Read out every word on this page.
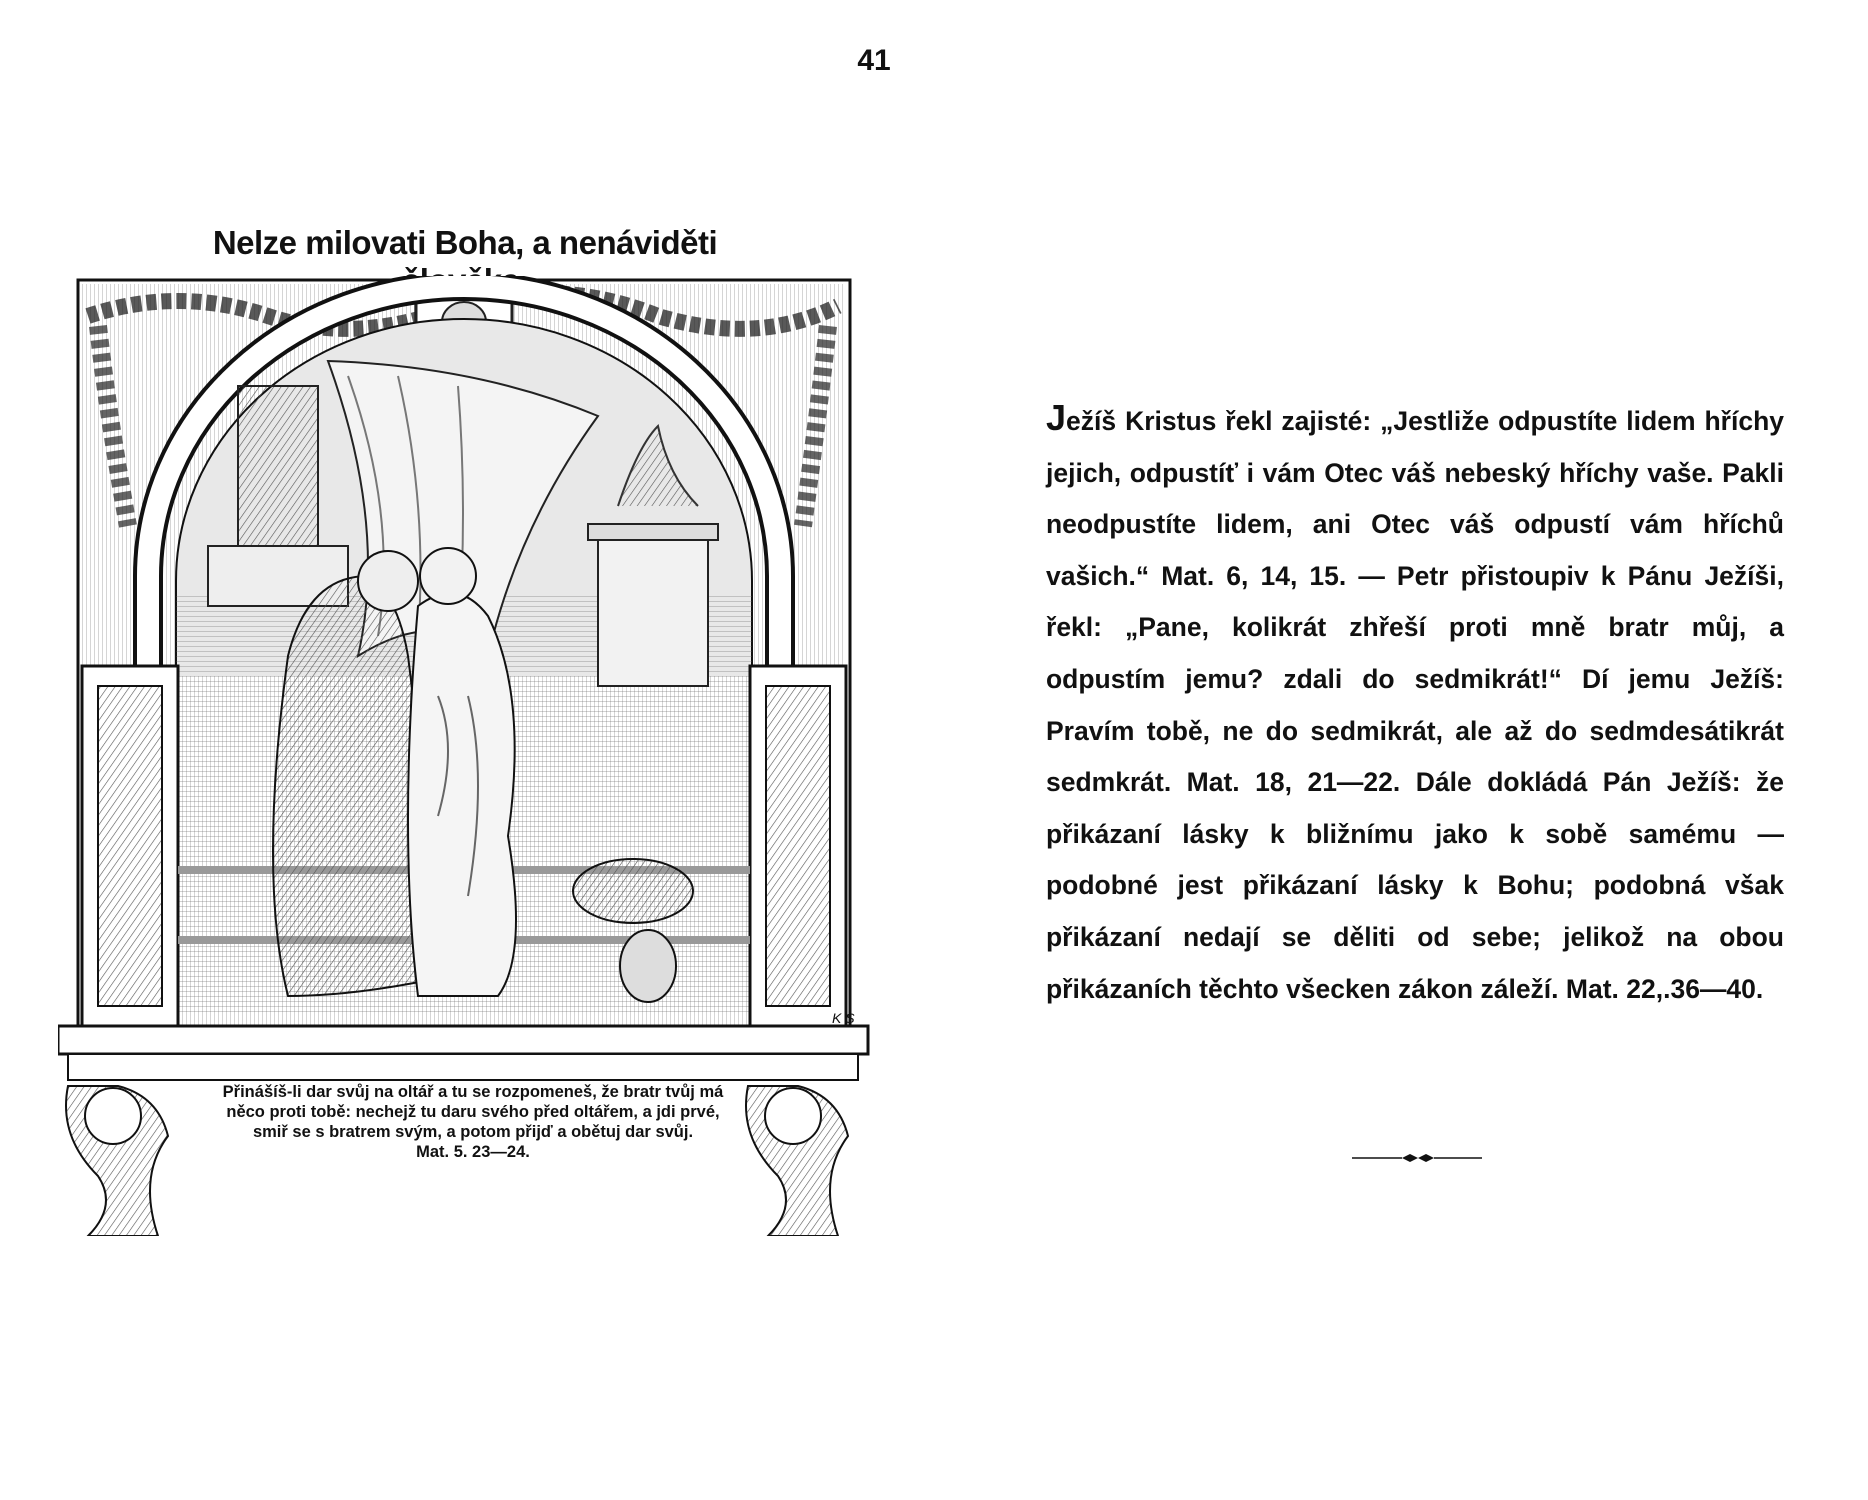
41
Nelze milovati Boha, a nenáviděti
K S
Přinášíš-li dar svůj na oltář a tu se rozpomeneš, že bratr tvůj má něco proti tobě: nechejž tu daru svého před oltářem, a jdi prvé, smiř se s bratrem svým, a potom přijď a obětuj dar svůj.
Mat. 5. 23—24.
Ježíš Kristus řekl zajisté: „Jestliže odpustíte lidem hříchy jejich, odpustíť i vám Otec váš nebeský hříchy vaše. Pakli neodpustíte lidem, ani Otec váš odpustí vám hříchů vašich.“ Mat. 6, 14, 15. — Petr přistoupiv k Pánu Ježíši, řekl: „Pane, kolikrát zhřeší proti mně bratr můj, a odpustím jemu? zdali do sedmikrát!“ Dí jemu Ježíš: Pravím tobě, ne do sedmikrát, ale až do sedmdesátikrát sedmkrát. Mat. 18, 21—22. Dále dokládá Pán Ježíš: že přikázaní lásky k bližnímu jako k sobě samému — podobné jest přikázaní lásky k Bohu; podobná však přikázaní nedají se děliti od sebe; jelikož na obou přikázaních těchto všecken zákon záleží. Mat. 22,.36—40.
